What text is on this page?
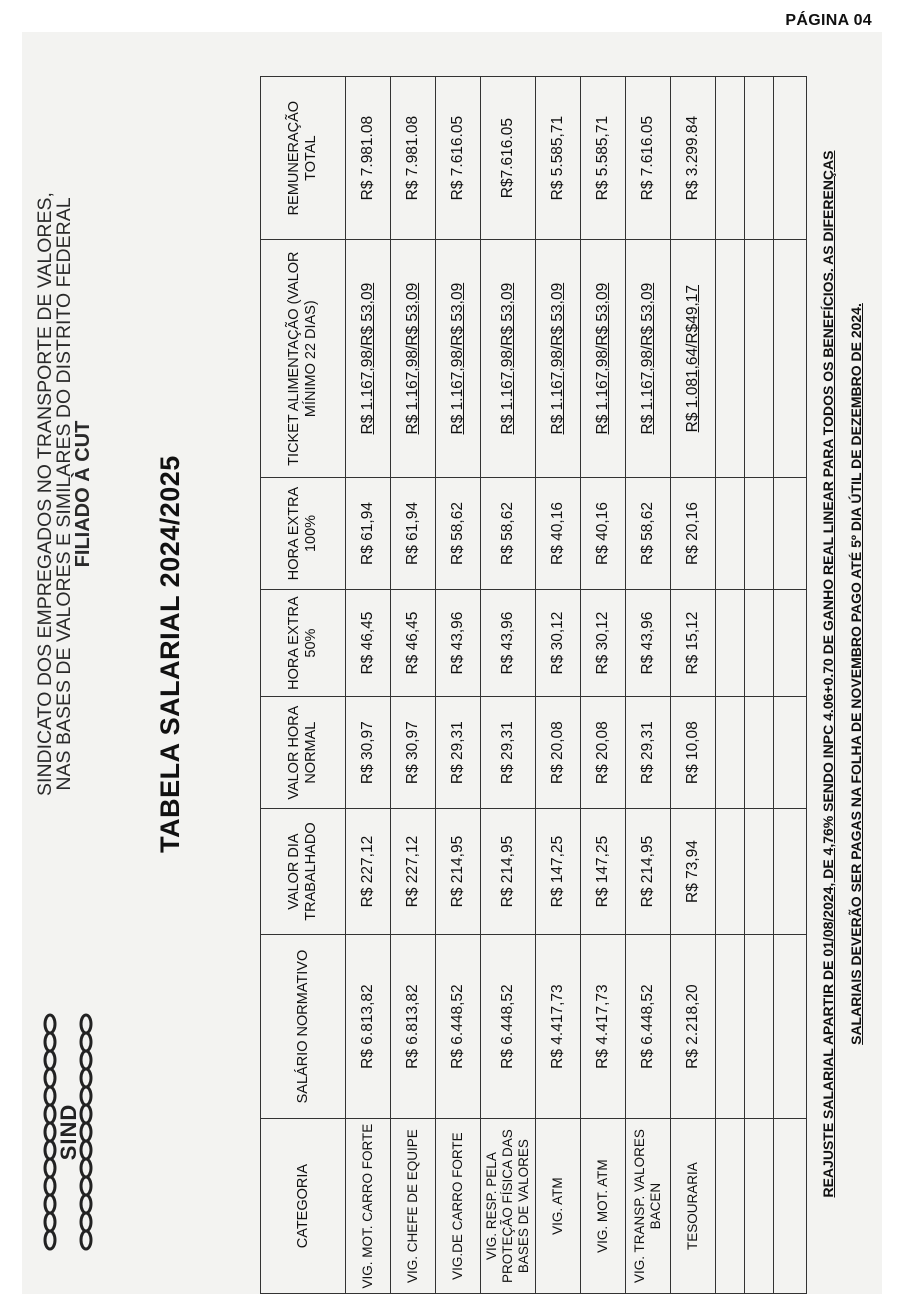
PÁGINA 04
SIND
SINDICATO DOS EMPREGADOS NO TRANSPORTE DE VALORES,
NAS BASES DE VALORES E SIMILARES DO DISTRITO FEDERAL
FILIADO À CUT TABELA SALARIAL 2024/2025
CATEGORIA	SALÁRIO NORMATIVO	VALOR DIA TRABALHADO	VALOR HORA NORMAL	HORA EXTRA 50%	HORA EXTRA 100%	TICKET ALIMENTAÇÃO (VALOR MÍNIMO 22 DIAS)	REMUNERAÇÃO TOTAL
VIG. MOT. CARRO FORTE	R$ 6.813,82	R$ 227,12	R$ 30,97	R$ 46,45	R$ 61,94	R$ 1.167,98/R$ 53,09	R$ 7.981.08
VIG. CHEFE DE EQUIPE	R$ 6.813,82	R$ 227,12	R$ 30,97	R$ 46,45	R$ 61,94	R$ 1.167,98/R$ 53,09	R$ 7.981.08
VIG.DE CARRO FORTE	R$ 6.448,52	R$ 214,95	R$ 29,31	R$ 43,96	R$ 58,62	R$ 1.167,98/R$ 53,09	R$ 7.616.05
VIG. RESP. PELA PROTEÇÃO FÍSICA DAS BASES DE VALORES	R$ 6.448,52	R$ 214,95	R$ 29,31	R$ 43,96	R$ 58,62	R$ 1.167,98/R$ 53,09	R$7.616.05
VIG. ATM	R$ 4.417,73	R$ 147,25	R$ 20,08	R$ 30,12	R$ 40,16	R$ 1.167,98/R$ 53,09	R$ 5.585,71
VIG. MOT. ATM	R$ 4.417,73	R$ 147,25	R$ 20,08	R$ 30,12	R$ 40,16	R$ 1.167,98/R$ 53,09	R$ 5.585,71
VIG. TRANSP. VALORES BACEN	R$ 6.448,52	R$ 214,95	R$ 29,31	R$ 43,96	R$ 58,62	R$ 1.167,98/R$ 53,09	R$ 7.616.05
TESOURARIA	R$ 2.218,20	R$ 73,94	R$ 10,08	R$ 15,12	R$ 20,16	R$ 1.081,64/R$49,17	R$ 3.299.84

								REAJUSTE SALARIAL APARTIR DE 01/08/2024, DE 4,76% SENDO INPC 4.06+0.70 DE GANHO REAL LINEAR PARA TODOS OS BENEFÍCIOS. AS DIFERENÇAS SALARIAIS DEVERÃO SER PAGAS NA FOLHA DE NOVEMBRO PAGO ATÉ 5º DIA ÚTIL DE DEZEMBRO DE 2024.
